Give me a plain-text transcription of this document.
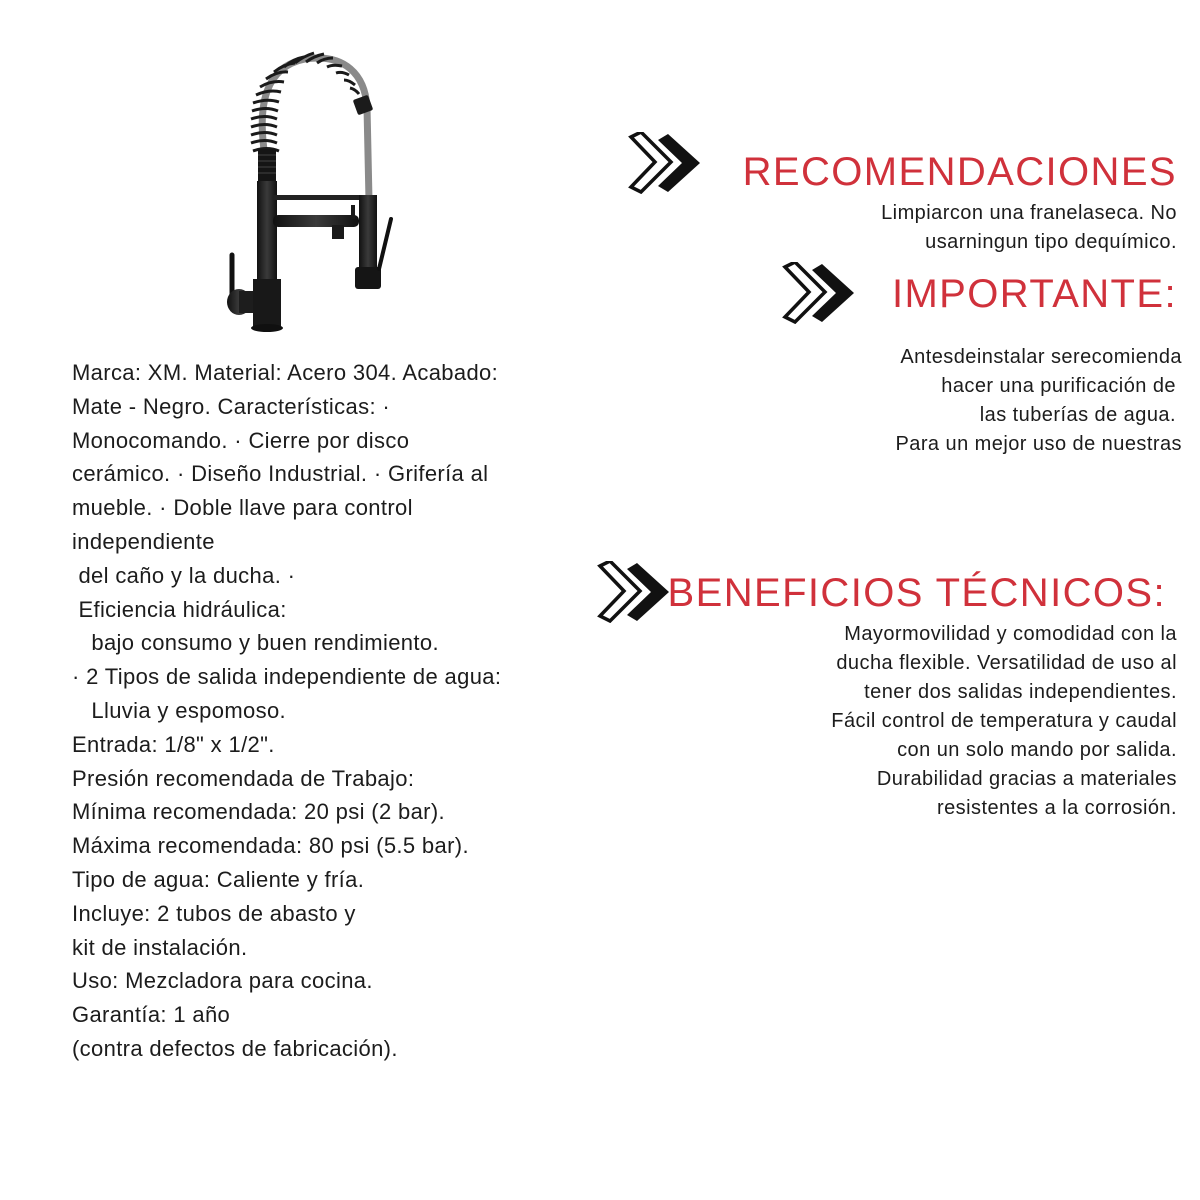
Marca: XM. Material: Acero 304. Acabado:
Mate - Negro. Características: ·
Monocomando. · Cierre por disco
cerámico. · Diseño Industrial. · Grifería al
mueble. · Doble llave para control
independiente
del caño y la ducha. ·
Eficiencia hidráulica:
bajo consumo y buen rendimiento.
· 2 Tipos de salida independiente de agua:
Lluvia y espomoso.
Entrada: 1/8" x 1/2".
Presión recomendada de Trabajo:
Mínima recomendada: 20 psi (2 bar).
Máxima recomendada: 80 psi (5.5 bar).
Tipo de agua: Caliente y fría.
Incluye: 2 tubos de abasto y
kit de instalación.
Uso: Mezcladora para cocina.
Garantía: 1 año
(contra defectos de fabricación).
RECOMENDACIONES
Limpiarcon una franelaseca. No
usarningun tipo dequímico.
IMPORTANTE:
Antesdeinstalar serecomienda
hacer una purificación de
las tuberías de agua.
Para un mejor uso de nuestras
BENEFICIOS TÉCNICOS:
Mayormovilidad y comodidad con la
ducha flexible. Versatilidad de uso al
tener dos salidas independientes.
Fácil control de temperatura y caudal
con un solo mando por salida.
Durabilidad gracias a materiales
resistentes a la corrosión.
